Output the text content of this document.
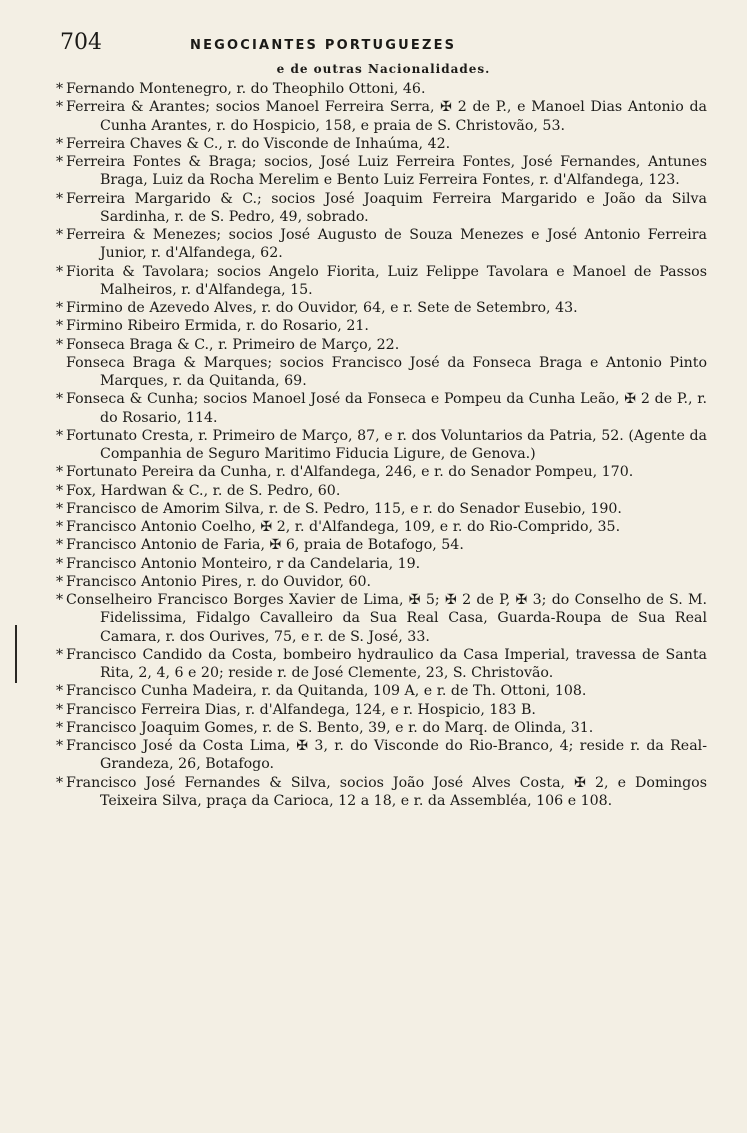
704	NEGOCIANTES PORTUGUEZES
e de outras Nacionalidades.

* Fernando Montenegro, r. do Theophilo Ottoni, 46.

* Ferreira & Arantes; socios Manoel Ferreira Serra, ✠ 2 de P., e Manoel Dias Antonio da Cunha Arantes, r. do Hospicio, 158, e praia de S. Christovão, 53.

* Ferreira Chaves & C., r. do Visconde de Inhaúma, 42.

* Ferreira Fontes & Braga; socios, José Luiz Ferreira Fontes, José Fernandes, Antunes Braga, Luiz da Rocha Merelim e Bento Luiz Ferreira Fontes, r. d'Alfandega, 123.

* Ferreira Margarido & C.; socios José Joaquim Ferreira Margarido e João da Silva Sardinha, r. de S. Pedro, 49, sobrado.

* Ferreira & Menezes; socios José Augusto de Souza Menezes e José Antonio Ferreira Junior, r. d'Alfandega, 62.

* Fiorita & Tavolara; socios Angelo Fiorita, Luiz Felippe Tavolara e Manoel de Passos Malheiros, r. d'Alfandega, 15.

* Firmino de Azevedo Alves, r. do Ouvidor, 64, e r. Sete de Setembro, 43.

* Firmino Ribeiro Ermida, r. do Rosario, 21.

* Fonseca Braga & C., r. Primeiro de Março, 22.

Fonseca Braga & Marques; socios Francisco José da Fonseca Braga e Antonio Pinto Marques, r. da Quitanda, 69.

* Fonseca & Cunha; socios Manoel José da Fonseca e Pompeu da Cunha Leão, ✠ 2 de P., r. do Rosario, 114.

* Fortunato Cresta, r. Primeiro de Março, 87, e r. dos Voluntarios da Patria, 52. (Agente da Companhia de Seguro Maritimo Fiducia Ligure, de Genova.)

* Fortunato Pereira da Cunha, r. d'Alfandega, 246, e r. do Senador Pompeu, 170.

* Fox, Hardwan & C., r. de S. Pedro, 60.

* Francisco de Amorim Silva, r. de S. Pedro, 115, e r. do Senador Eusebio, 190.

* Francisco Antonio Coelho, ✠ 2, r. d'Alfandega, 109, e r. do Rio-Comprido, 35.

* Francisco Antonio de Faria, ✠ 6, praia de Botafogo, 54.

* Francisco Antonio Monteiro, r da Candelaria, 19.

* Francisco Antonio Pires, r. do Ouvidor, 60.

* Conselheiro Francisco Borges Xavier de Lima, ✠ 5; ✠ 2 de P, ✠ 3; do Conselho de S. M. Fidelissima, Fidalgo Cavalleiro da Sua Real Casa, Guarda-Roupa de Sua Real Camara, r. dos Ourives, 75, e r. de S. José, 33.

* Francisco Candido da Costa, bombeiro hydraulico da Casa Imperial, travessa de Santa Rita, 2, 4, 6 e 20; reside r. de José Clemente, 23, S. Christovão.

* Francisco Cunha Madeira, r. da Quitanda, 109 A, e r. de Th. Ottoni, 108.

* Francisco Ferreira Dias, r. d'Alfandega, 124, e r. Hospicio, 183 B.

* Francisco Joaquim Gomes, r. de S. Bento, 39, e r. do Marq. de Olinda, 31.

* Francisco José da Costa Lima, ✠ 3, r. do Visconde do Rio-Branco, 4; reside r. da Real-Grandeza, 26, Botafogo.

* Francisco José Fernandes & Silva, socios João José Alves Costa, ✠ 2, e Domingos Teixeira Silva, praça da Carioca, 12 a 18, e r. da Assembléa, 106 e 108.
